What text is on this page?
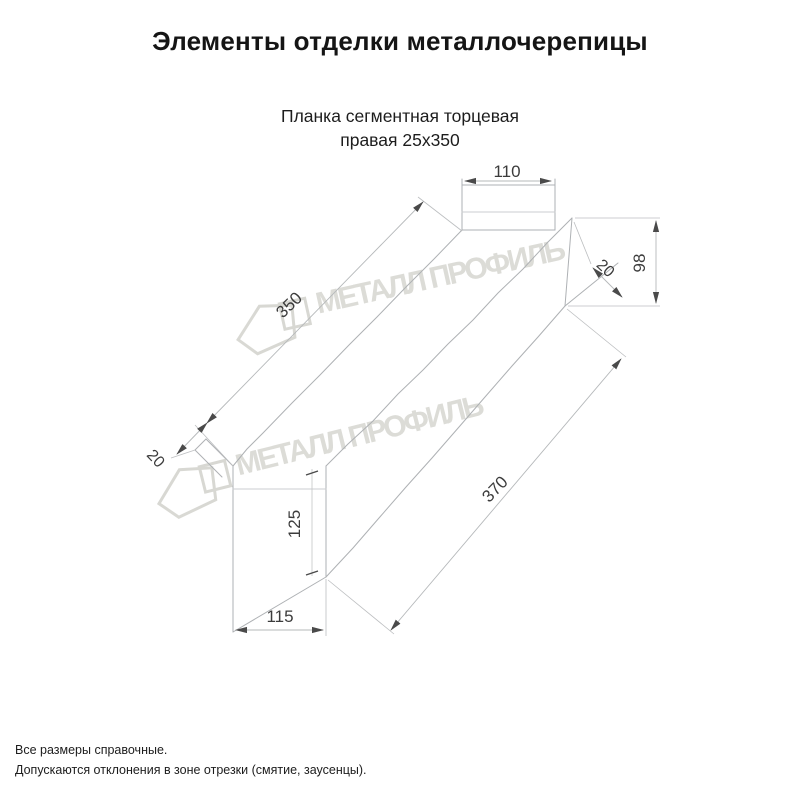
Элементы отделки металлочерепицы
Планка сегментная торцевая
правая 25х350
МЕТАЛЛ ПРОФИЛЬ
МЕТАЛЛ ПРОФИЛЬ
110
350
20
20 98
370
125
115
Все размеры справочные.
Допускаются отклонения в зоне отрезки (смятие, заусенцы).
